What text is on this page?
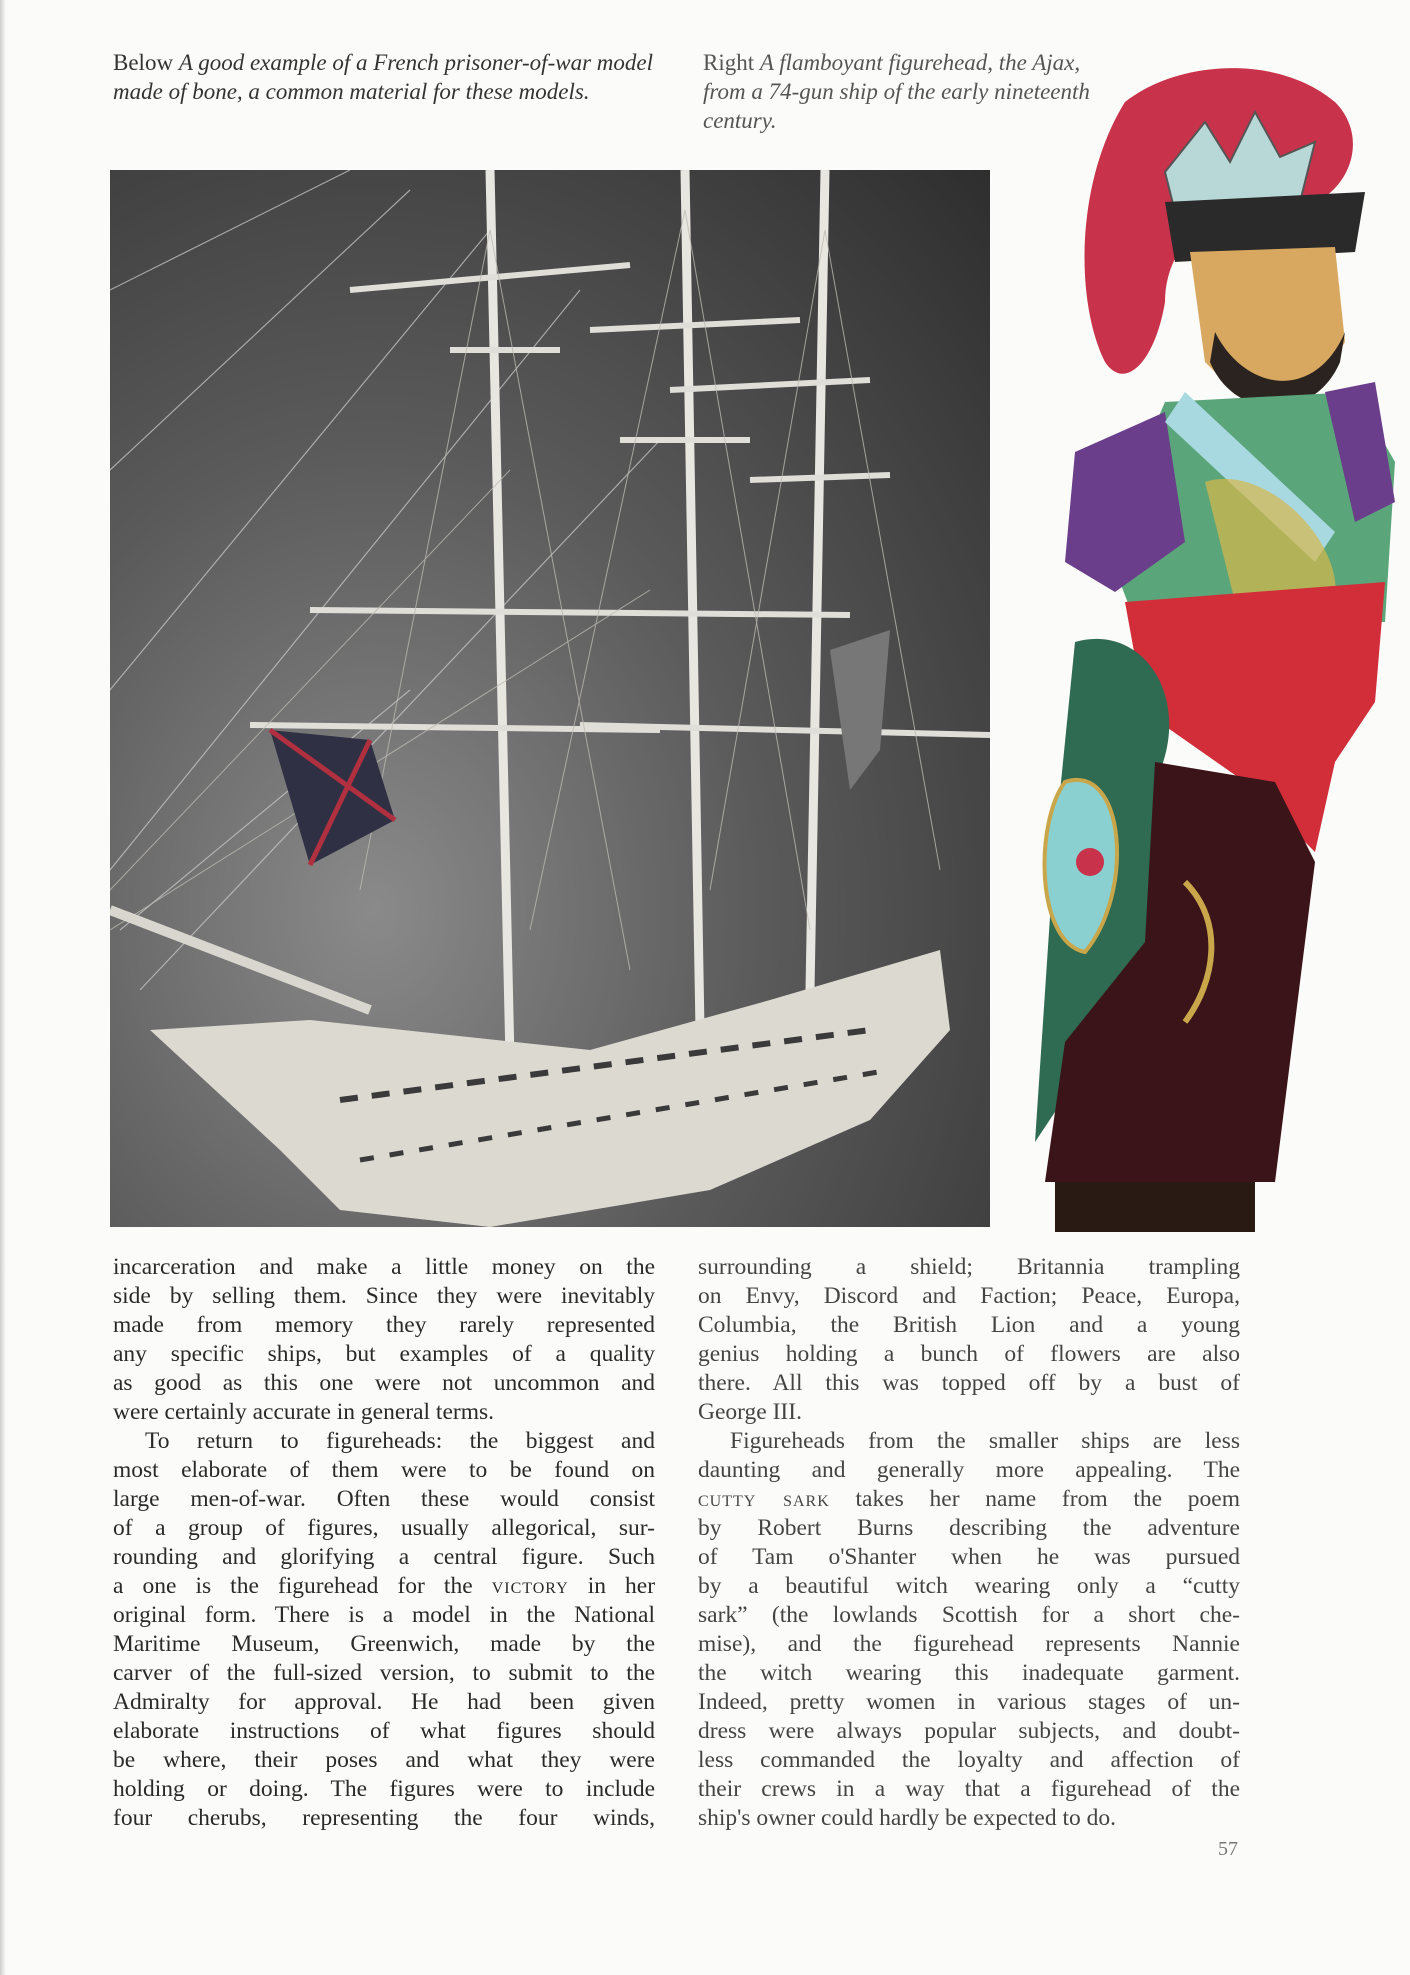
Below A good example of a French prisoner-of-war model made of bone, a common material for these models.
Right A flamboyant figurehead, the Ajax, from a 74-gun ship of the early nineteenth century.
incarceration and make a little money on the
side by selling them. Since they were inevitably
made from memory they rarely represented
any specific ships, but examples of a quality
as good as this one were not uncommon and
were certainly accurate in general terms.
To return to figureheads: the biggest and
most elaborate of them were to be found on
large men-of-war. Often these would consist
of a group of figures, usually allegorical, sur-
rounding and glorifying a central figure. Such
a one is the figurehead for the victory in her
original form. There is a model in the National
Maritime Museum, Greenwich, made by the
carver of the full-sized version, to submit to the
Admiralty for approval. He had been given
elaborate instructions of what figures should
be where, their poses and what they were
holding or doing. The figures were to include
four cherubs, representing the four winds,
surrounding a shield; Britannia trampling
on Envy, Discord and Faction; Peace, Europa,
Columbia, the British Lion and a young
genius holding a bunch of flowers are also
there. All this was topped off by a bust of
George III.
Figureheads from the smaller ships are less
daunting and generally more appealing. The
cutty sark takes her name from the poem
by Robert Burns describing the adventure
of Tam o'Shanter when he was pursued
by a beautiful witch wearing only a “cutty
sark” (the lowlands Scottish for a short che-
mise), and the figurehead represents Nannie
the witch wearing this inadequate garment.
Indeed, pretty women in various stages of un-
dress were always popular subjects, and doubt-
less commanded the loyalty and affection of
their crews in a way that a figurehead of the
ship's owner could hardly be expected to do.
57
